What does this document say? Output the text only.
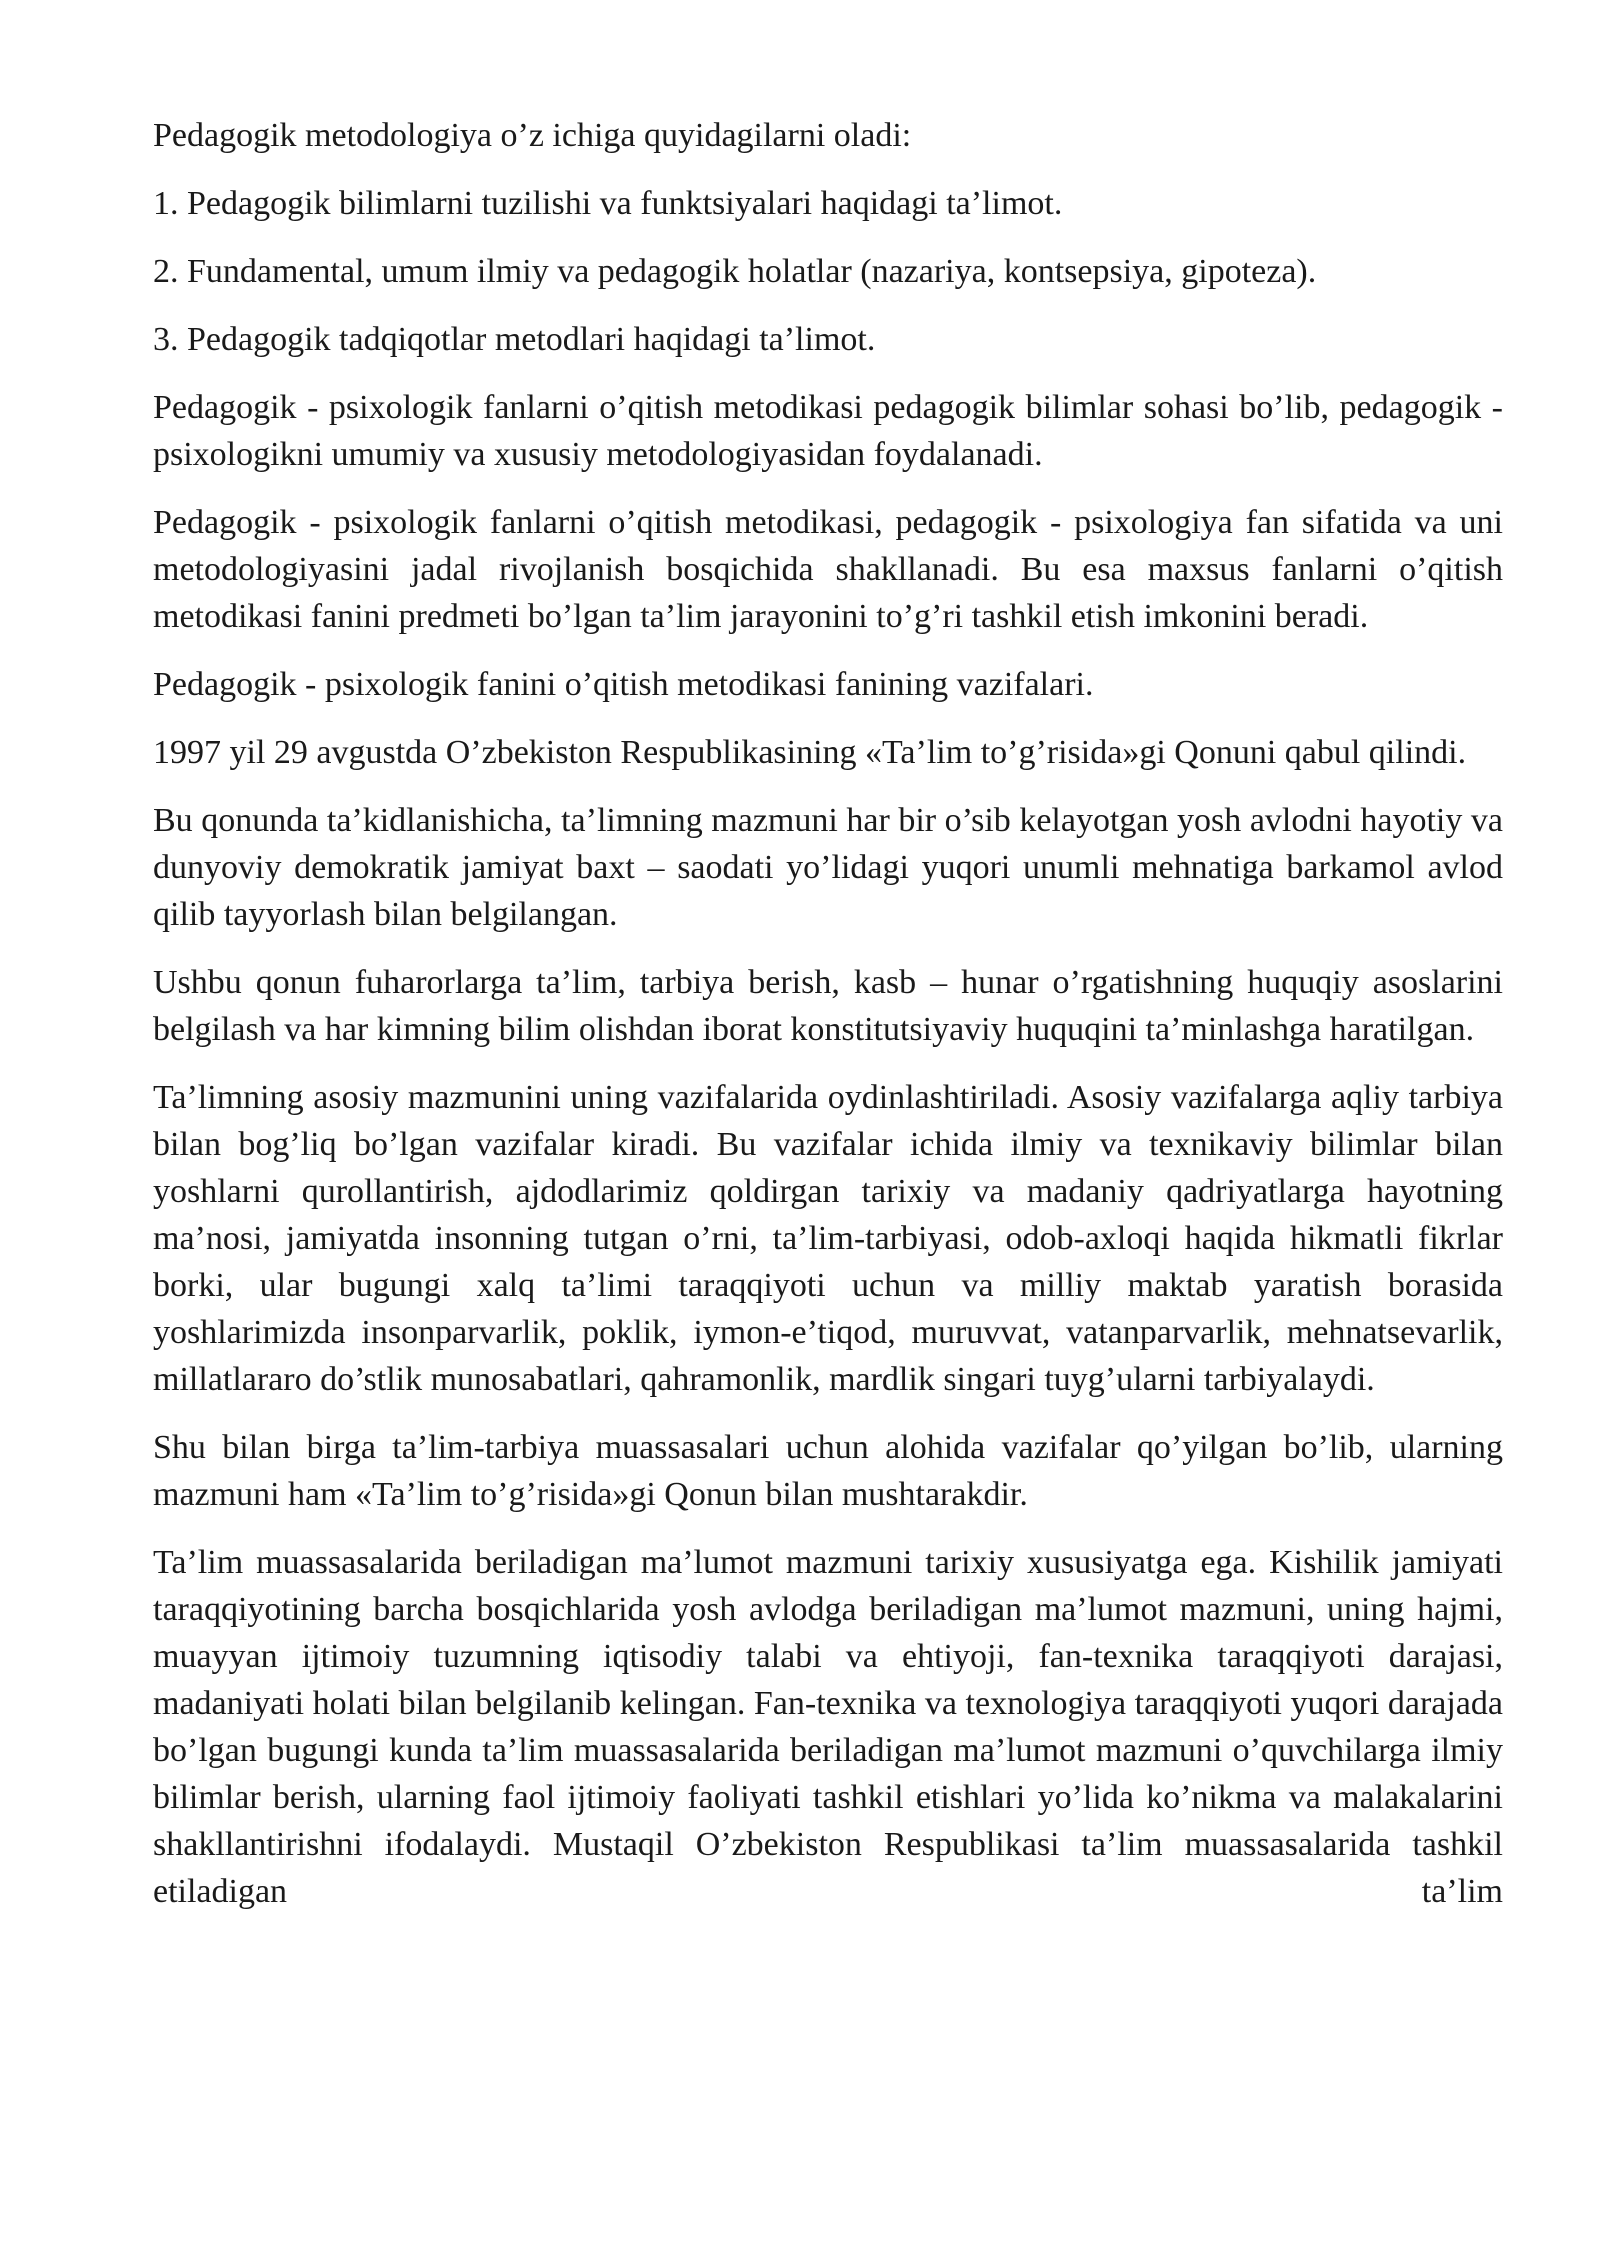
Pedagogik metodologiya o’z ichiga quyidagilarni oladi:

1. Pedagogik bilimlarni tuzilishi va funktsiyalari haqidagi ta’limot.

2. Fundamental, umum ilmiy va pedagogik holatlar (nazariya, kontsepsiya, gipoteza).

3. Pedagogik tadqiqotlar metodlari haqidagi ta’limot.

Pedagogik - psixologik fanlarni o’qitish metodikasi pedagogik bilimlar sohasi bo’lib, pedagogik - psixologikni umumiy va xususiy metodologiyasidan foydalanadi.

Pedagogik - psixologik fanlarni o’qitish metodikasi, pedagogik - psixologiya fan sifatida va uni metodologiyasini jadal rivojlanish bosqichida shakllanadi. Bu esa maxsus fanlarni o’qitish metodikasi fanini predmeti bo’lgan ta’lim jarayonini to’g’ri tashkil etish imkonini beradi.

Pedagogik - psixologik fanini o’qitish metodikasi fanining vazifalari.

1997 yil 29 avgustda O’zbekiston Respublikasining «Ta’lim to’g’risida»gi Qonuni qabul qilindi.

Bu qonunda ta’kidlanishicha, ta’limning mazmuni har bir o’sib kelayotgan yosh avlodni hayotiy va dunyoviy demokratik jamiyat baxt – saodati yo’lidagi yuqori unumli mehnatiga barkamol avlod qilib tayyorlash bilan belgilangan.

Ushbu qonun fuharorlarga ta’lim, tarbiya berish, kasb – hunar o’rgatishning huquqiy asoslarini belgilash va har kimning bilim olishdan iborat konstitutsiyaviy huquqini ta’minlashga haratilgan.

Ta’limning asosiy mazmunini uning vazifalarida oydinlashtiriladi. Asosiy vazifalarga aqliy tarbiya bilan bog’liq bo’lgan vazifalar kiradi. Bu vazifalar ichida ilmiy va texnikaviy bilimlar bilan yoshlarni qurollantirish, ajdodlarimiz qoldirgan tarixiy va madaniy qadriyatlarga hayotning ma’nosi, jamiyatda insonning tutgan o’rni, ta’lim-tarbiyasi, odob-axloqi haqida hikmatli fikrlar borki, ular bugungi xalq ta’limi taraqqiyoti uchun va milliy maktab yaratish borasida yoshlarimizda insonparvarlik, poklik, iymon-e’tiqod, muruvvat, vatanparvarlik, mehnatsevarlik, millatlararo do’stlik munosabatlari, qahramonlik, mardlik singari tuyg’ularni tarbiyalaydi.

Shu bilan birga ta’lim-tarbiya muassasalari uchun alohida vazifalar qo’yilgan bo’lib, ularning mazmuni ham «Ta’lim to’g’risida»gi Qonun bilan mushtarakdir.

Ta’lim muassasalarida beriladigan ma’lumot mazmuni tarixiy xususiyatga ega. Kishilik jamiyati taraqqiyotining barcha bosqichlarida yosh avlodga beriladigan ma’lumot mazmuni, uning hajmi, muayyan ijtimoiy tuzumning iqtisodiy talabi va ehtiyoji, fan-texnika taraqqiyoti darajasi, madaniyati holati bilan belgilanib kelingan. Fan-texnika va texnologiya taraqqiyoti yuqori darajada bo’lgan bugungi kunda ta’lim muassasalarida beriladigan ma’lumot mazmuni o’quvchilarga ilmiy bilimlar berish, ularning faol ijtimoiy faoliyati tashkil etishlari yo’lida ko’nikma va malakalarini shakllantirishni ifodalaydi. Mustaqil O’zbekiston Respublikasi ta’lim muassasalarida tashkil etiladigan ta’lim
